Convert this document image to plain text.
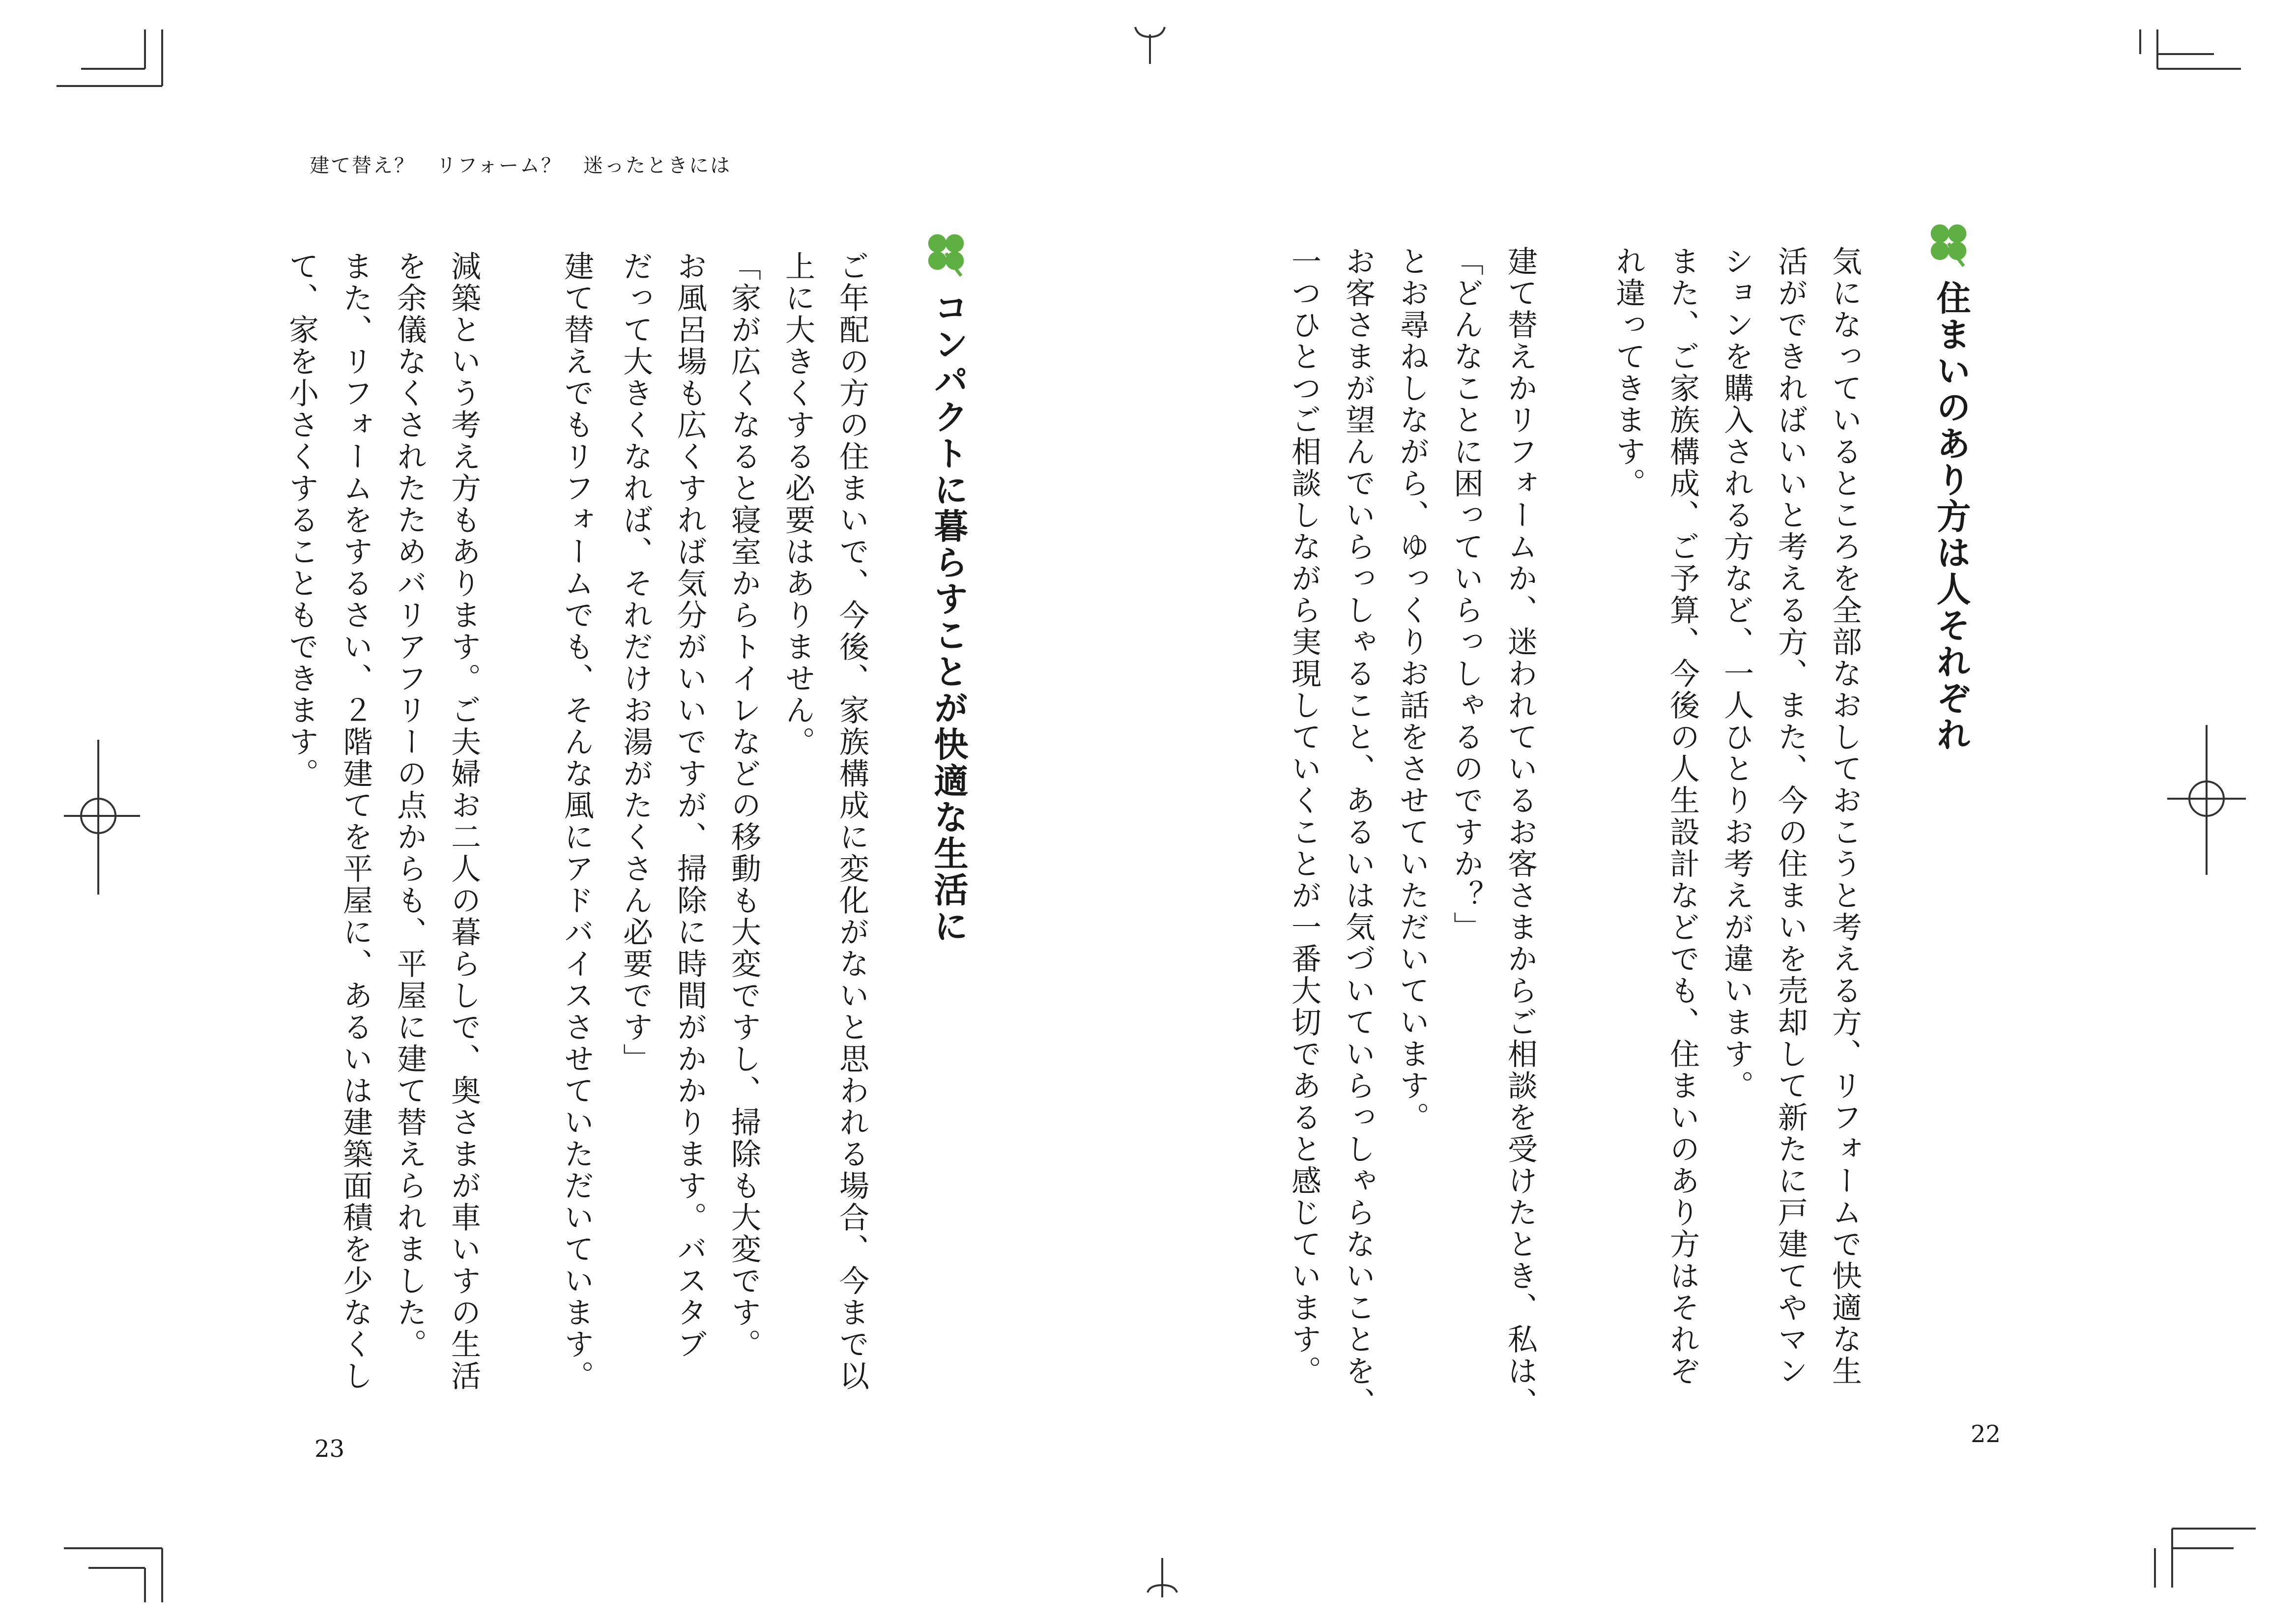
建て替え？　リフォーム？　迷ったときには
23
22
住まいのあり方は人それぞれ
気になっているところを全部なおしておこうと考える方、リフォームで快適な生
活ができればいいと考える方、また、今の住まいを売却して新たに戸建てやマン
ションを購入される方など、一人ひとりお考えが違います。
また、ご家族構成、ご予算、今後の人生設計などでも、住まいのあり方はそれぞ
れ違ってきます。
建て替えかリフォームか、迷われているお客さまからご相談を受けたとき、私は、
「どんなことに困っていらっしゃるのですか？」
とお尋ねしながら、ゆっくりお話をさせていただいています。
お客さまが望んでいらっしゃること、あるいは気づいていらっしゃらないことを、
一つひとつご相談しながら実現していくことが一番大切であると感じています。
コンパクトに暮らすことが快適な生活に
ご年配の方の住まいで、今後、家族構成に変化がないと思われる場合、今まで以
上に大きくする必要はありません。
「家が広くなると寝室からトイレなどの移動も大変ですし、掃除も大変です。
お風呂場も広くすれば気分がいいですが、掃除に時間がかかります。バスタブ
だって大きくなれば、それだけお湯がたくさん必要です」
建て替えでもリフォームでも、そんな風にアドバイスさせていただいています。
減築という考え方もあります。ご夫婦お二人の暮らしで、奥さまが車いすの生活
を余儀なくされたためバリアフリーの点からも、平屋に建て替えられました。
また、リフォームをするさい、２階建てを平屋に、あるいは建築面積を少なくし
て、家を小さくすることもできます。
